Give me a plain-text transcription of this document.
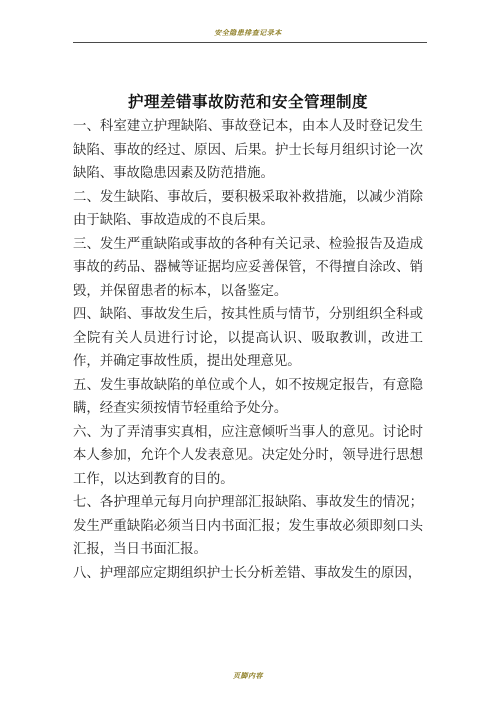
安全隐患排查记录本
护理差错事故防范和安全管理制度

一、科室建立护理缺陷、事故登记本，由本人及时登记发生缺陷、事故的经过、原因、后果。护士长每月组织讨论一次缺陷、事故隐患因素及防范措施。

二、发生缺陷、事故后，要积极采取补救措施，以减少消除由于缺陷、事故造成的不良后果。

三、发生严重缺陷或事故的各种有关记录、检验报告及造成事故的药品、器械等证据均应妥善保管，不得擅自涂改、销毁，并保留患者的标本，以备鉴定。

四、缺陷、事故发生后，按其性质与情节，分别组织全科或全院有关人员进行讨论，以提高认识、吸取教训，改进工作，并确定事故性质，提出处理意见。

五、发生事故缺陷的单位或个人，如不按规定报告，有意隐瞒，经查实须按情节轻重给予处分。

六、为了弄清事实真相，应注意倾听当事人的意见。讨论时本人参加，允许个人发表意见。决定处分时，领导进行思想工作，以达到教育的目的。

七、各护理单元每月向护理部汇报缺陷、事故发生的情况；发生严重缺陷必须当日内书面汇报；发生事故必须即刻口头汇报，当日书面汇报。

八、护理部应定期组织护士长分析差错、事故发生的原因，

页脚内容
